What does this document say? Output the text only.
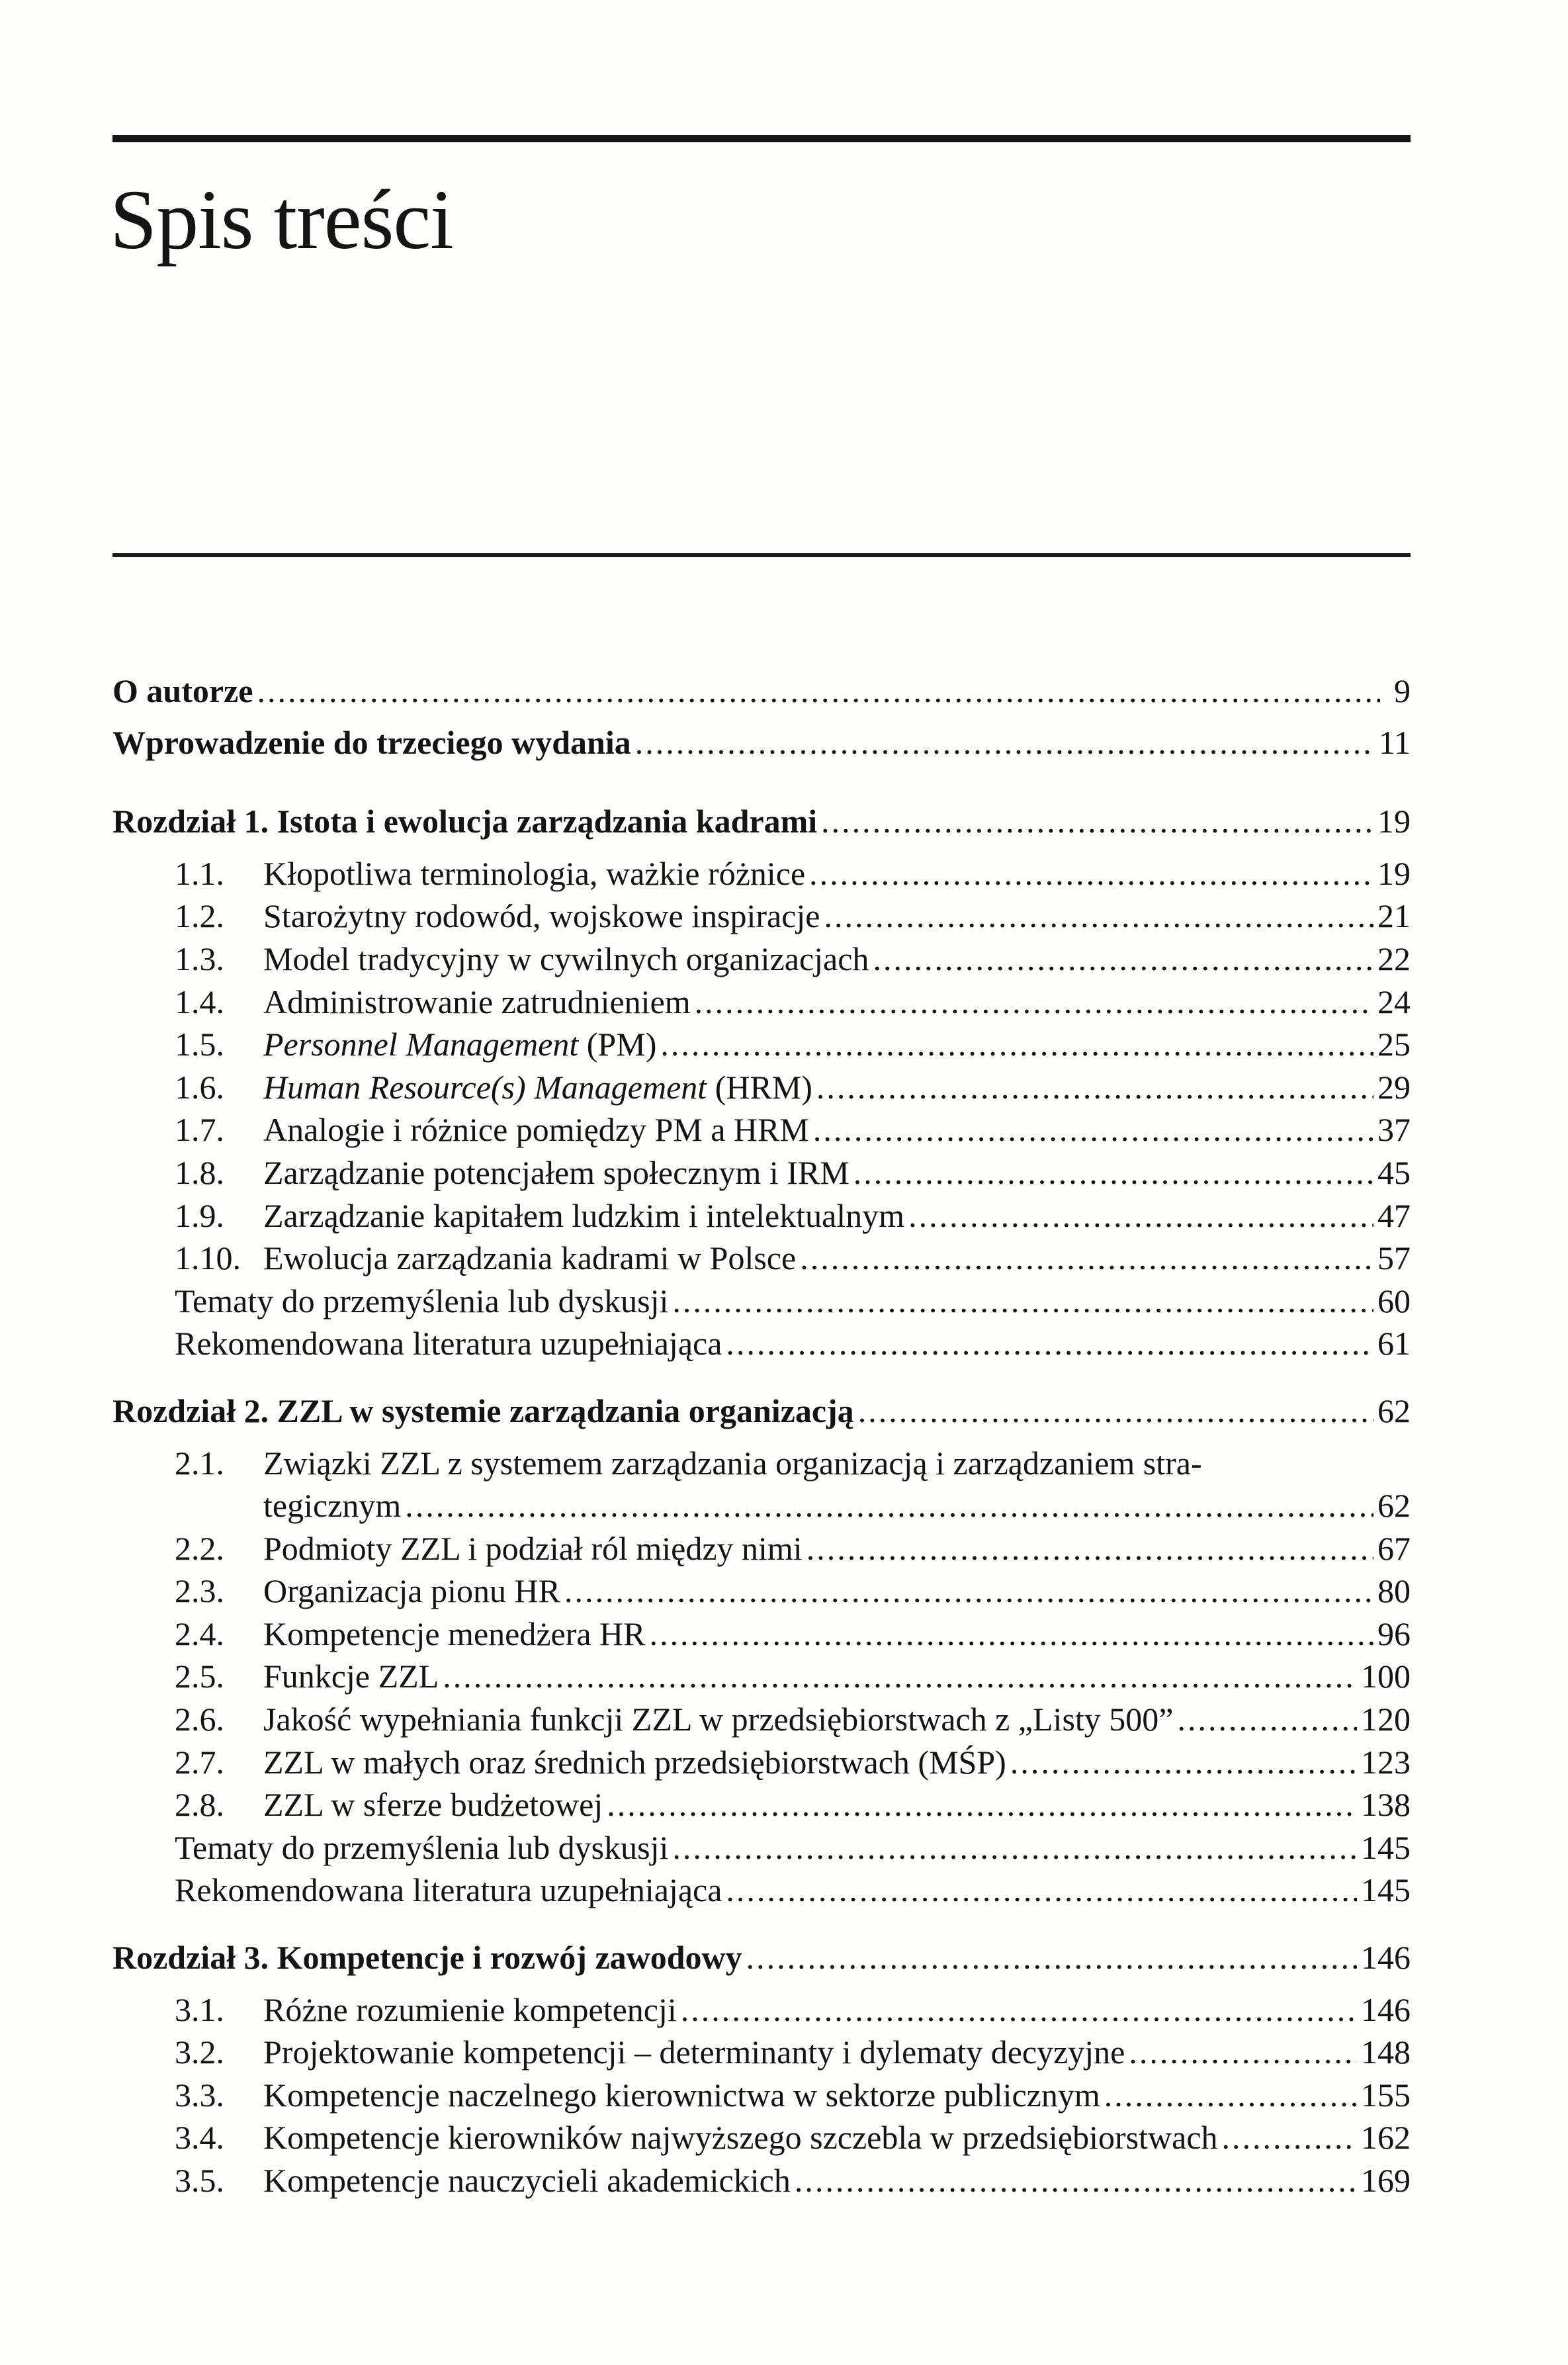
Spis treści
O autorze .....	9
Wprowadzenie do trzeciego wydania .....	11
Rozdział 1. Istota i ewolucja zarządzania kadrami .....	19
1.1.	Kłopotliwa terminologia, ważkie różnice .....	19
1.2.	Starożytny rodowód, wojskowe inspiracje .....	21
1.3.	Model tradycyjny w cywilnych organizacjach .....	22
1.4.	Administrowanie zatrudnieniem .....	24
1.5.	Personnel Management (PM) .....	25
1.6.	Human Resource(s) Management (HRM) .....	29
1.7.	Analogie i różnice pomiędzy PM a HRM .....	37
1.8.	Zarządzanie potencjałem społecznym i IRM .....	45
1.9.	Zarządzanie kapitałem ludzkim i intelektualnym .....	47
1.10. Ewolucja zarządzania kadrami w Polsce .....	57
Tematy do przemyślenia lub dyskusji .....	60
Rekomendowana literatura uzupełniająca .....	61
Rozdział 2. ZZL w systemie zarządzania organizacją .....	62
2.1.	Związki ZZL z systemem zarządzania organizacją i zarządzaniem stra-
tegicznym .....	62
2.2.	Podmioty ZZL i podział ról między nimi .....	67
2.3.	Organizacja pionu HR .....	80
2.4.	Kompetencje menedżera HR .....	96
2.5.	Funkcje ZZL .....	100
2.6.	Jakość wypełniania funkcji ZZL w przedsiębiorstwach z „Listy 500” .....	120
2.7.	ZZL w małych oraz średnich przedsiębiorstwach (MŚP) .....	123
2.8.	ZZL w sferze budżetowej .....	138
Tematy do przemyślenia lub dyskusji .....	145
Rekomendowana literatura uzupełniająca .....	145
Rozdział 3. Kompetencje i rozwój zawodowy .....	146
3.1.	Różne rozumienie kompetencji .....	146
3.2.	Projektowanie kompetencji – determinanty i dylematy decyzyjne .....	148
3.3.	Kompetencje naczelnego kierownictwa w sektorze publicznym .....	155
3.4.	Kompetencje kierowników najwyższego szczebla w przedsiębiorstwach .....	162
3.5.	Kompetencje nauczycieli akademickich .....	169
